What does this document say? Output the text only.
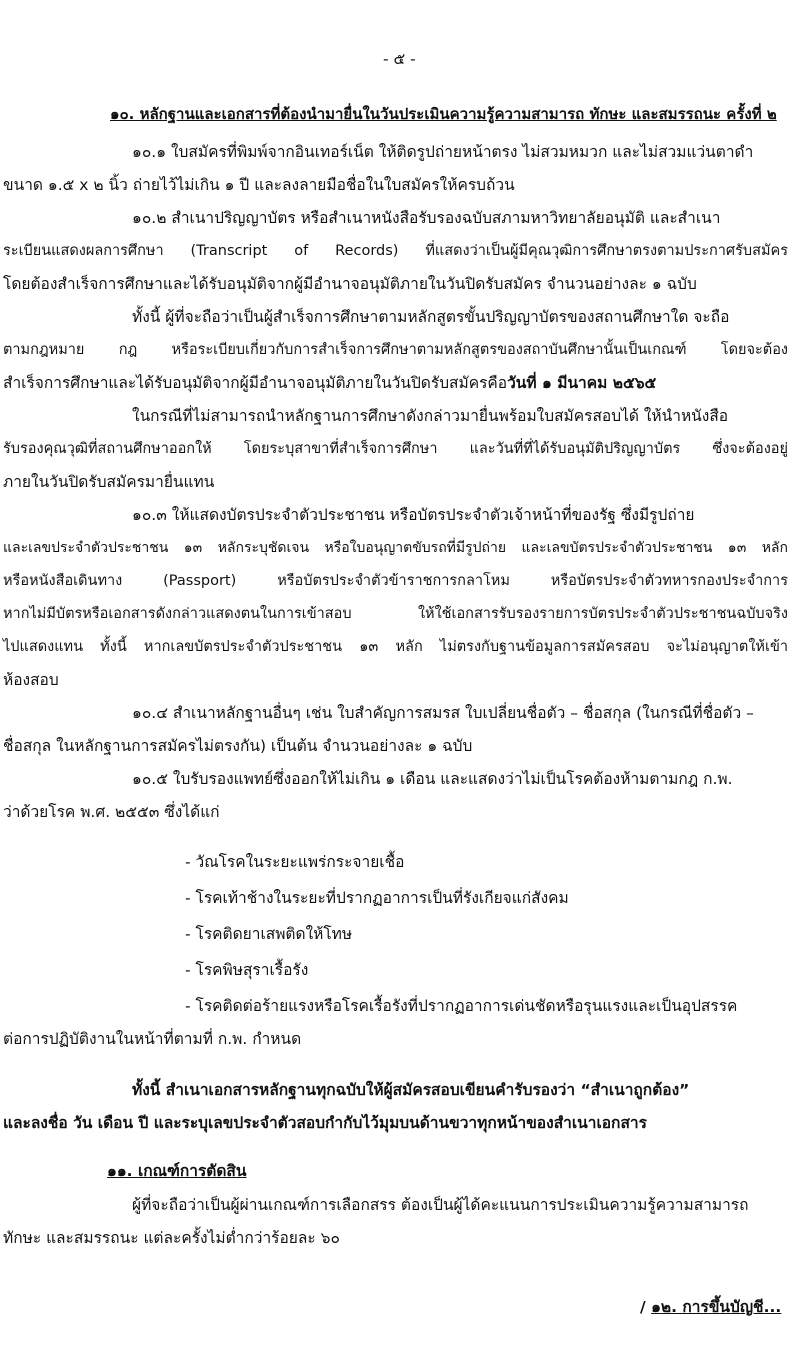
- ๕ -
๑๐. หลักฐานและเอกสารที่ต้องนำมายื่นในวันประเมินความรู้ความสามารถ ทักษะ และสมรรถนะ ครั้งที่ ๒
๑๐.๑ ใบสมัครที่พิมพ์จากอินเทอร์เน็ต ให้ติดรูปถ่ายหน้าตรง ไม่สวมหมวก และไม่สวมแว่นตาดำ
ขนาด ๑.๕ x ๒ นิ้ว ถ่ายไว้ไม่เกิน ๑ ปี และลงลายมือชื่อในใบสมัครให้ครบถ้วน
๑๐.๒ สำเนาปริญญาบัตร หรือสำเนาหนังสือรับรองฉบับสภามหาวิทยาลัยอนุมัติ และสำเนา
ระเบียนแสดงผลการศึกษา (Transcript of Records) ที่แสดงว่าเป็นผู้มีคุณวุฒิการศึกษาตรงตามประกาศรับสมัคร
โดยต้องสำเร็จการศึกษาและได้รับอนุมัติจากผู้มีอำนาจอนุมัติภายในวันปิดรับสมัคร จำนวนอย่างละ ๑ ฉบับ
ทั้งนี้ ผู้ที่จะถือว่าเป็นผู้สำเร็จการศึกษาตามหลักสูตรขั้นปริญญาบัตรของสถานศึกษาใด จะถือ
ตามกฎหมาย กฎ หรือระเบียบเกี่ยวกับการสำเร็จการศึกษาตามหลักสูตรของสถาบันศึกษานั้นเป็นเกณฑ์ โดยจะต้อง
สำเร็จการศึกษาและได้รับอนุมัติจากผู้มีอำนาจอนุมัติภายในวันปิดรับสมัครคือวันที่ ๑ มีนาคม ๒๕๖๕
ในกรณีที่ไม่สามารถนำหลักฐานการศึกษาดังกล่าวมายื่นพร้อมใบสมัครสอบได้ ให้นำหนังสือ
รับรองคุณวุฒิที่สถานศึกษาออกให้ โดยระบุสาขาที่สำเร็จการศึกษา และวันที่ที่ได้รับอนุมัติปริญญาบัตร ซึ่งจะต้องอยู่
ภายในวันปิดรับสมัครมายื่นแทน
๑๐.๓ ให้แสดงบัตรประจำตัวประชาชน หรือบัตรประจำตัวเจ้าหน้าที่ของรัฐ ซึ่งมีรูปถ่าย
และเลขประจำตัวประชาชน ๑๓ หลักระบุชัดเจน หรือใบอนุญาตขับรถที่มีรูปถ่าย และเลขบัตรประจำตัวประชาชน ๑๓ หลัก
หรือหนังสือเดินทาง (Passport) หรือบัตรประจำตัวข้าราชการกลาโหม หรือบัตรประจำตัวทหารกองประจำการ
หากไม่มีบัตรหรือเอกสารดังกล่าวแสดงตนในการเข้าสอบ ให้ใช้เอกสารรับรองรายการบัตรประจำตัวประชาชนฉบับจริง
ไปแสดงแทน ทั้งนี้ หากเลขบัตรประจำตัวประชาชน ๑๓ หลัก ไม่ตรงกับฐานข้อมูลการสมัครสอบ จะไม่อนุญาตให้เข้า
ห้องสอบ
๑๐.๔ สำเนาหลักฐานอื่นๆ เช่น ใบสำคัญการสมรส ใบเปลี่ยนชื่อตัว – ชื่อสกุล (ในกรณีที่ชื่อตัว –
ชื่อสกุล ในหลักฐานการสมัครไม่ตรงกัน) เป็นต้น จำนวนอย่างละ ๑ ฉบับ
๑๐.๕ ใบรับรองแพทย์ซึ่งออกให้ไม่เกิน ๑ เดือน และแสดงว่าไม่เป็นโรคต้องห้ามตามกฎ ก.พ.
ว่าด้วยโรค พ.ศ. ๒๕๕๓ ซึ่งได้แก่
- วัณโรคในระยะแพร่กระจายเชื้อ
- โรคเท้าช้างในระยะที่ปรากฏอาการเป็นที่รังเกียจแก่สังคม
- โรคติดยาเสพติดให้โทษ
- โรคพิษสุราเรื้อรัง
- โรคติดต่อร้ายแรงหรือโรคเรื้อรังที่ปรากฏอาการเด่นชัดหรือรุนแรงและเป็นอุปสรรค
ต่อการปฏิบัติงานในหน้าที่ตามที่ ก.พ. กำหนด
ทั้งนี้ สำเนาเอกสารหลักฐานทุกฉบับให้ผู้สมัครสอบเขียนคำรับรองว่า “สำเนาถูกต้อง”
และลงชื่อ วัน เดือน ปี และระบุเลขประจำตัวสอบกำกับไว้มุมบนด้านขวาทุกหน้าของสำเนาเอกสาร
๑๑. เกณฑ์การตัดสิน
ผู้ที่จะถือว่าเป็นผู้ผ่านเกณฑ์การเลือกสรร ต้องเป็นผู้ได้คะแนนการประเมินความรู้ความสามารถ
ทักษะ และสมรรถนะ แต่ละครั้งไม่ต่ำกว่าร้อยละ ๖๐
/ ๑๒. การขึ้นบัญชี...
